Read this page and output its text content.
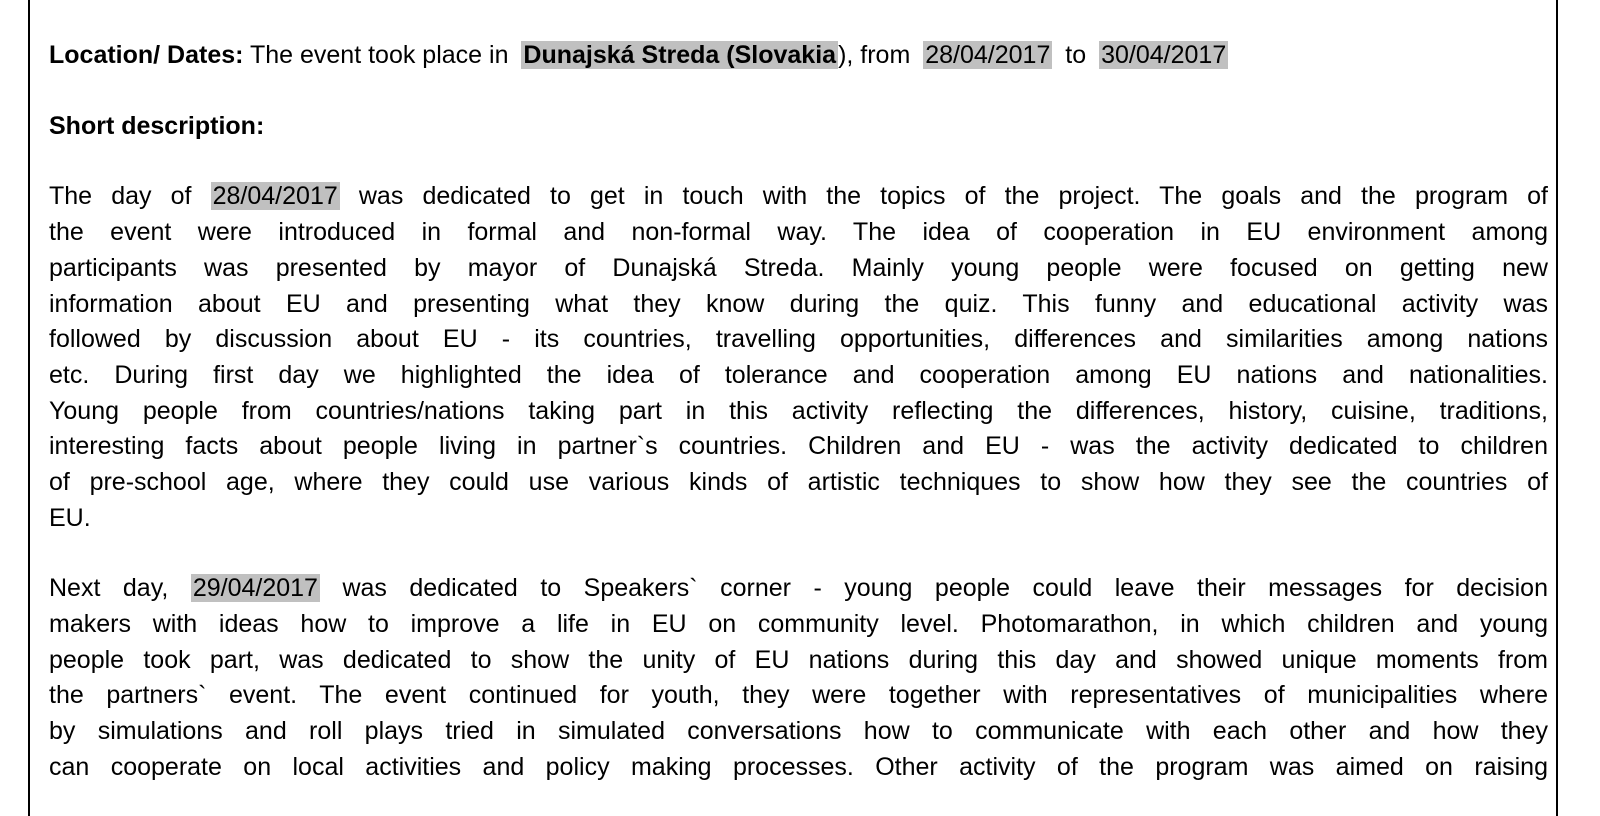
Location/ Dates: The event took place in Dunajská Streda (Slovakia), from 28/04/2017 to 30/04/2017
Short description:
The day of 28/04/2017 was dedicated to get in touch with the topics of the project. The goals and the program of
the event were introduced in formal and non-formal way. The idea of cooperation in EU environment among
participants was presented by mayor of Dunajská Streda. Mainly young people were focused on getting new
information about EU and presenting what they know during the quiz. This funny and educational activity was
followed by discussion about EU - its countries, travelling opportunities, differences and similarities among nations
etc. During first day we highlighted the idea of tolerance and cooperation among EU nations and nationalities.
Young people from countries/nations taking part in this activity reflecting the differences, history, cuisine, traditions,
interesting facts about people living in partner`s countries. Children and EU - was the activity dedicated to children
of pre-school age, where they could use various kinds of artistic techniques to show how they see the countries of
EU.
Next day, 29/04/2017 was dedicated to Speakers` corner - young people could leave their messages for decision
makers with ideas how to improve a life in EU on community level. Photomarathon, in which children and young
people took part, was dedicated to show the unity of EU nations during this day and showed unique moments from
the partners` event. The event continued for youth, they were together with representatives of municipalities where
by simulations and roll plays tried in simulated conversations how to communicate with each other and how they
can cooperate on local activities and policy making processes. Other activity of the program was aimed on raising
